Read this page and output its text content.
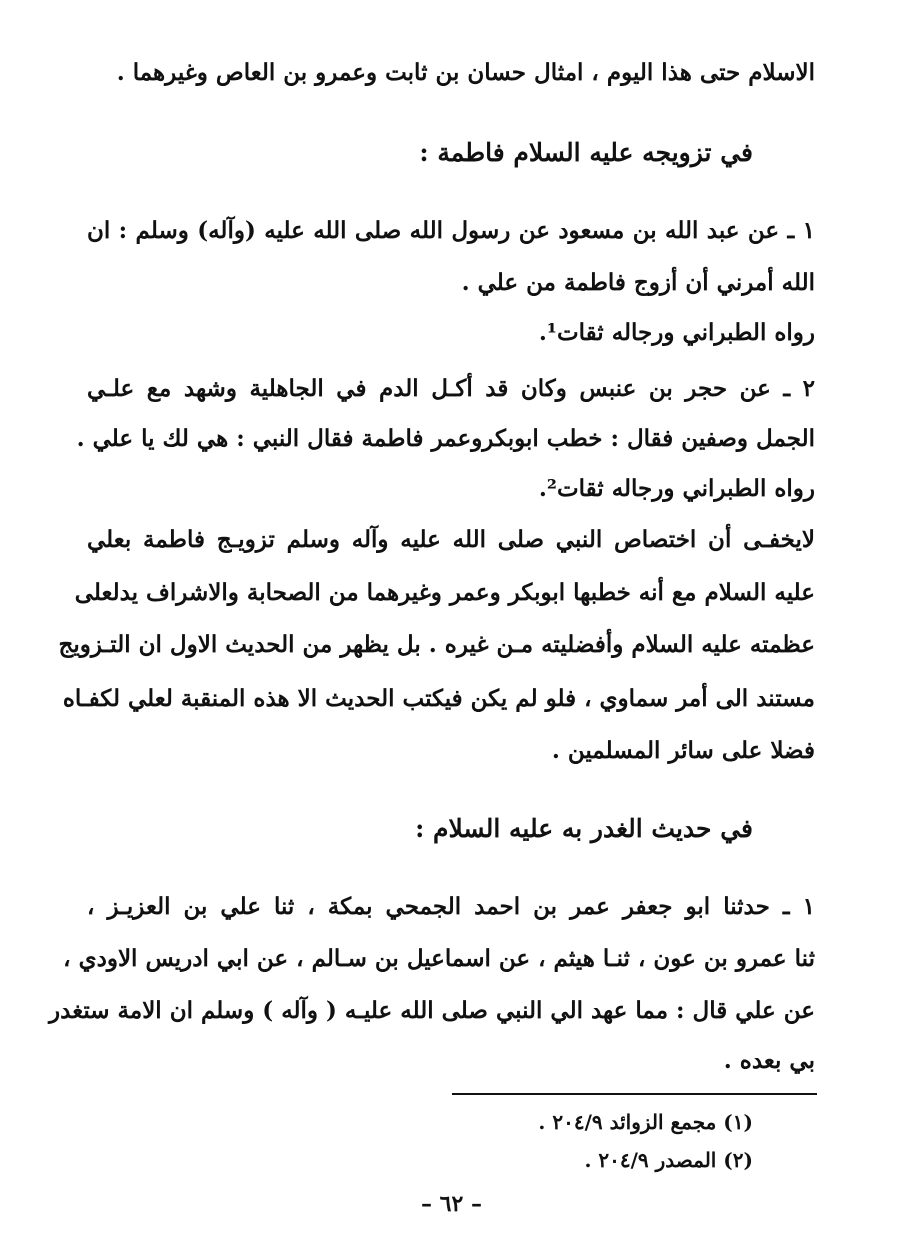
الاسلام حتى هذا اليوم ، امثال حسان بن ثابت وعمرو بن العاص وغيرهما .
في تزويجه عليه السلام فاطمة :
١ ـ عن عبد الله بن مسعود عن رسول الله صلى الله عليه (وآله) وسلم : ان
الله أمرني أن أزوج فاطمة من علي .
رواه الطبراني ورجاله ثقات¹.
٢ ـ عن حجر بن عنبس وكان قد أكـل الدم في الجاهلية وشهد مع علـي
الجمل وصفين فقال : خطب ابوبكروعمر فاطمة فقال النبي : هي لك يا علي .
رواه الطبراني ورجاله ثقات².
لايخفـى أن اختصاص النبي صلى الله عليه وآله وسلم تزويـج فاطمة بعلي
عليه السلام مع أنه خطبها ابوبكر وعمر وغيرهما من الصحابة والاشراف يدلعلى
عظمته عليه السلام وأفضليته مـن غيره . بل يظهر من الحديث الاول ان التـزويج
مستند الى أمر سماوي ، فلو لم يكن فيكتب الحديث الا هذه المنقبة لعلي لكفـاه
فضلا على سائر المسلمين .
في حديث الغدر به عليه السلام :
١ ـ حدثنا ابو جعفر عمر بن احمد الجمحي بمكة ، ثنا علي بن العزيـز ،
ثنا عمرو بن عون ، ثنـا هيثم ، عن اسماعيل بن سـالم ، عن ابي ادريس الاودي ،
عن علي قال : مما عهد الي النبي صلى الله عليـه ( وآله ) وسلم ان الامة ستغدر
بي بعده .
(١) مجمع الزوائد ٢٠٤/٩ .
(٢) المصدر ٢٠٤/٩ .
– ٦٢ –
